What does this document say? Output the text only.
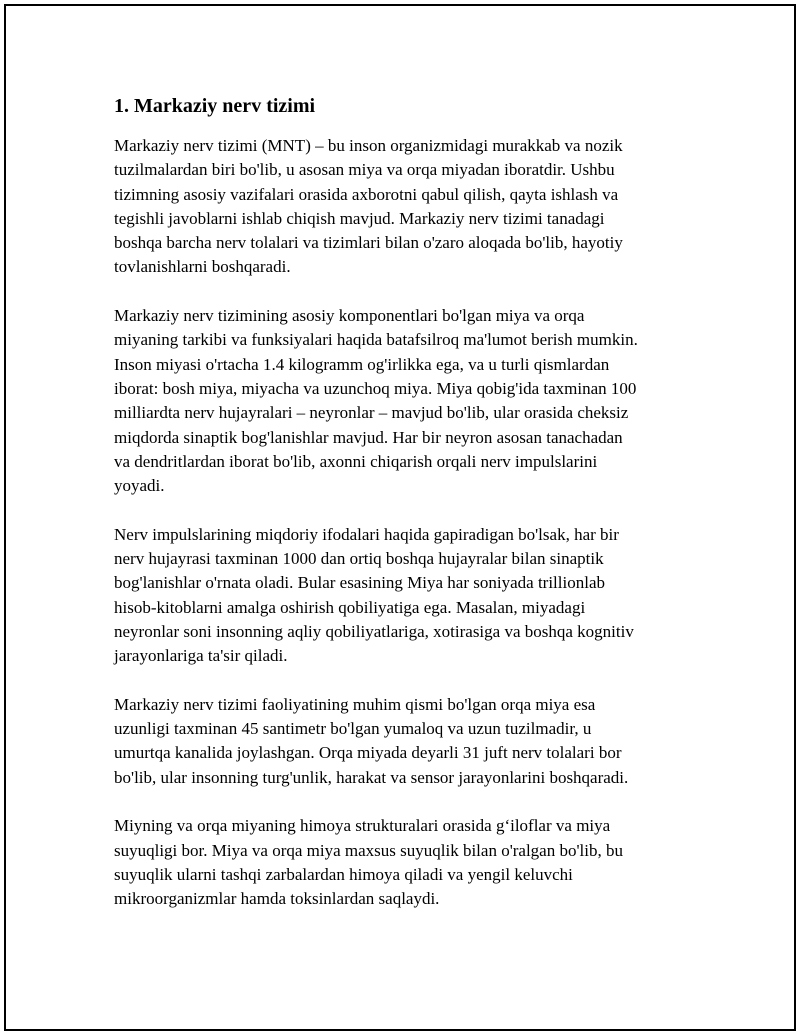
1. Markaziy nerv tizimi
Markaziy nerv tizimi (MNT) – bu inson organizmidagi murakkab va nozik
tuzilmalardan biri bo'lib, u asosan miya va orqa miyadan iboratdir. Ushbu
tizimning asosiy vazifalari orasida axborotni qabul qilish, qayta ishlash va
tegishli javoblarni ishlab chiqish mavjud. Markaziy nerv tizimi tanadagi
boshqa barcha nerv tolalari va tizimlari bilan o'zaro aloqada bo'lib, hayotiy
tovlanishlarni boshqaradi.
Markaziy nerv tizimining asosiy komponentlari bo'lgan miya va orqa
miyaning tarkibi va funksiyalari haqida batafsilroq ma'lumot berish mumkin.
Inson miyasi o'rtacha 1.4 kilogramm og'irlikka ega, va u turli qismlardan
iborat: bosh miya, miyacha va uzunchoq miya. Miya qobig'ida taxminan 100
milliardta nerv hujayralari – neyronlar – mavjud bo'lib, ular orasida cheksiz
miqdorda sinaptik bog'lanishlar mavjud. Har bir neyron asosan tanachadan
va dendritlardan iborat bo'lib, axonni chiqarish orqali nerv impulslarini
yoyadi.
Nerv impulslarining miqdoriy ifodalari haqida gapiradigan bo'lsak, har bir
nerv hujayrasi taxminan 1000 dan ortiq boshqa hujayralar bilan sinaptik
bog'lanishlar o'rnata oladi. Bular esasining Miya har soniyada trillionlab
hisob-kitoblarni amalga oshirish qobiliyatiga ega. Masalan, miyadagi
neyronlar soni insonning aqliy qobiliyatlariga, xotirasiga va boshqa kognitiv
jarayonlariga ta'sir qiladi.
Markaziy nerv tizimi faoliyatining muhim qismi bo'lgan orqa miya esa
uzunligi taxminan 45 santimetr bo'lgan yumaloq va uzun tuzilmadir, u
umurtqa kanalida joylashgan. Orqa miyada deyarli 31 juft nerv tolalari bor
bo'lib, ular insonning turg'unlik, harakat va sensor jarayonlarini boshqaradi.
Miyning va orqa miyaning himoya strukturalari orasida g‘iloflar va miya
suyuqligi bor. Miya va orqa miya maxsus suyuqlik bilan o'ralgan bo'lib, bu
suyuqlik ularni tashqi zarbalardan himoya qiladi va yengil keluvchi
mikroorganizmlar hamda toksinlardan saqlaydi.
